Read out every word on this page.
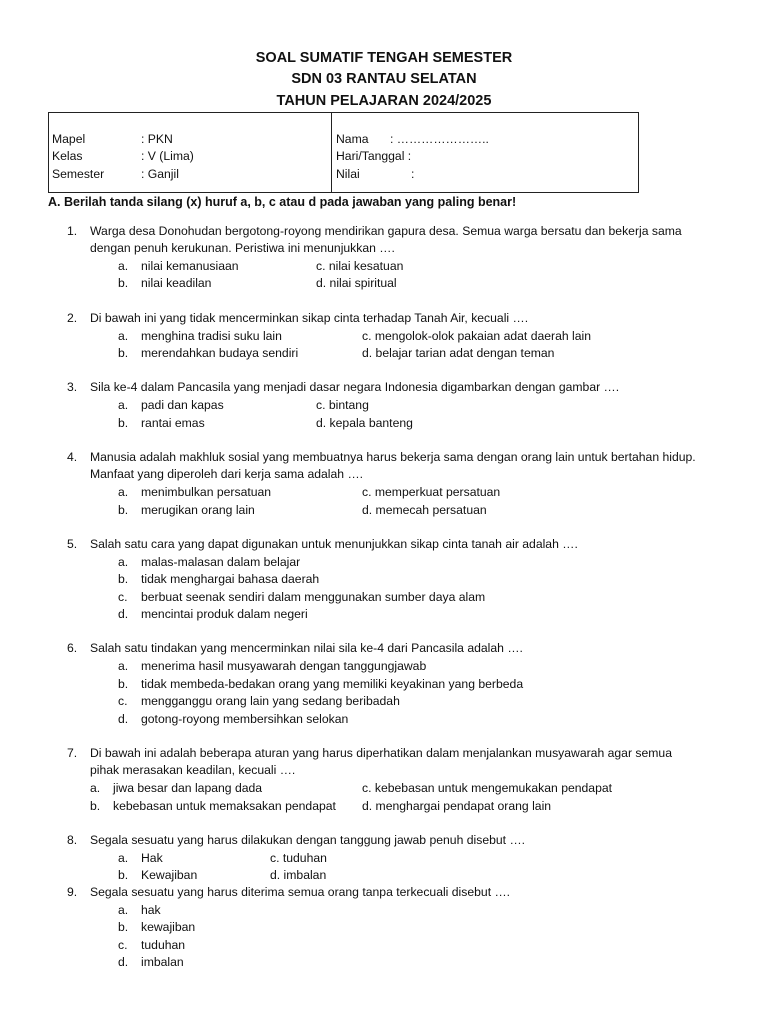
SOAL SUMATIF TENGAH SEMESTER
SDN 03 RANTAU SELATAN
TAHUN PELAJARAN 2024/2025
Mapel	: PKN
Kelas	: V (Lima)
Semester	: Ganjil
Nama : …………………..
Hari/Tanggal :
Nilai	:
A. Berilah tanda silang (x) huruf a, b, c atau d pada jawaban yang paling benar!
1. Warga desa Donohudan bergotong-royong mendirikan gapura desa. Semua warga bersatu dan bekerja sama
dengan penuh kerukunan. Peristiwa ini menunjukkan ….
a. nilai kemanusiaan
b. nilai keadilan
c. nilai kesatuan
d. nilai spiritual
2. Di bawah ini yang tidak mencerminkan sikap cinta terhadap Tanah Air, kecuali ….
a. menghina tradisi suku lain
b. merendahkan budaya sendiri
c. mengolok-olok pakaian adat daerah lain
d. belajar tarian adat dengan teman
3. Sila ke-4 dalam Pancasila yang menjadi dasar negara Indonesia digambarkan dengan gambar ….
a. padi dan kapas
b. rantai emas
c. bintang
d. kepala banteng
4. Manusia adalah makhluk sosial yang membuatnya harus bekerja sama dengan orang lain untuk bertahan hidup.
Manfaat yang diperoleh dari kerja sama adalah ….
a. menimbulkan persatuan
b. merugikan orang lain
c. memperkuat persatuan
d. memecah persatuan
5. Salah satu cara yang dapat digunakan untuk menunjukkan sikap cinta tanah air adalah ….
a. malas-malasan dalam belajar
b. tidak menghargai bahasa daerah
c. berbuat seenak sendiri dalam menggunakan sumber daya alam
d. mencintai produk dalam negeri
6. Salah satu tindakan yang mencerminkan nilai sila ke-4 dari Pancasila adalah ….
a. menerima hasil musyawarah dengan tanggungjawab
b. tidak membeda-bedakan orang yang memiliki keyakinan yang berbeda
c. mengganggu orang lain yang sedang beribadah
d. gotong-royong membersihkan selokan
7. Di bawah ini adalah beberapa aturan yang harus diperhatikan dalam menjalankan musyawarah agar semua
pihak merasakan keadilan, kecuali ….
a. jiwa besar dan lapang dada
b. kebebasan untuk memaksakan pendapat
c. kebebasan untuk mengemukakan pendapat
d. menghargai pendapat orang lain
8. Segala sesuatu yang harus dilakukan dengan tanggung jawab penuh disebut ….
a. Hak
b. Kewajiban
c. tuduhan
d. imbalan
9. Segala sesuatu yang harus diterima semua orang tanpa terkecuali disebut ….
a. hak
b. kewajiban
c. tuduhan
d. imbalan
